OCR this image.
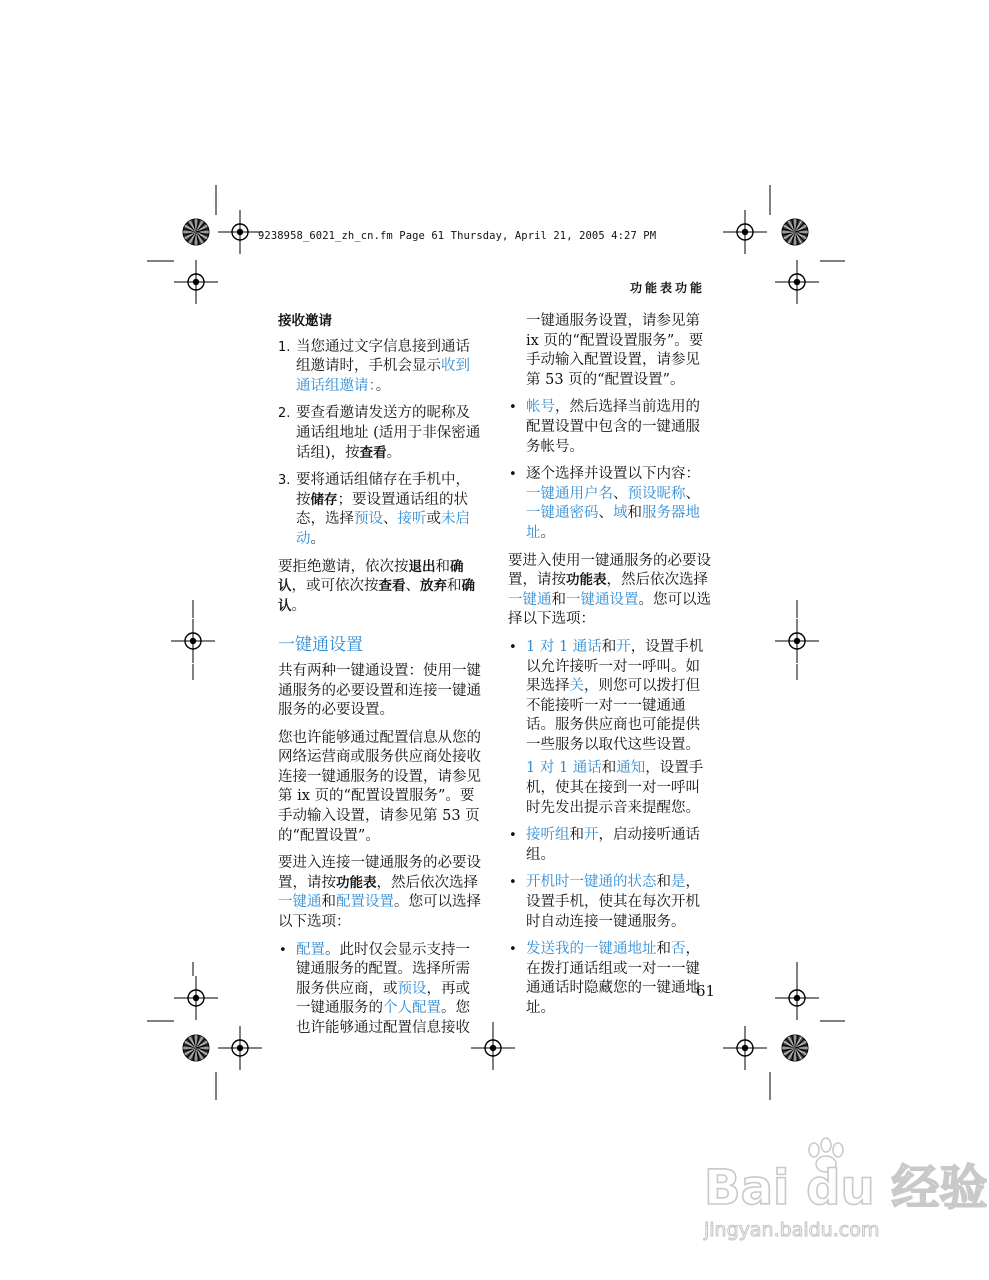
9238958_6021_zh_cn.fm Page 61 Thursday, April 21, 2005 4:27 PM
功能表功能

接收邀请

1. 当您通过文字信息接到通话组邀请时，手机会显示收到通话组邀请：。
2. 要查看邀请发送方的昵称及通话组地址 (适用于非保密通话组)，按查看。
3. 要将通话组储存在手机中，按储存；要设置通话组的状态，选择预设、接听或未启动。

要拒绝邀请，依次按退出和确认，或可依次按查看、放弃和确认。

一键通设置

共有两种一键通设置：使用一键通服务的必要设置和连接一键通服务的必要设置。

您也许能够通过配置信息从您的网络运营商或服务供应商处接收连接一键通服务的设置，请参见第 ix 页的“配置设置服务”。要手动输入设置，请参见第 53 页的“配置设置”。

要进入连接一键通服务的必要设置，请按功能表，然后依次选择一键通和配置设置。您可以选择以下选项：

• 配置。此时仅会显示支持一键通服务的配置。选择所需服务供应商，或预设，再或一键通服务的个人配置。您也许能够通过配置信息接收

一键通服务设置，请参见第 ix 页的“配置设置服务”。要手动输入配置设置，请参见第 53 页的“配置设置”。

• 帐号，然后选择当前选用的配置设置中包含的一键通服务帐号。
• 逐个选择并设置以下内容：一键通用户名、预设昵称、一键通密码、域和服务器地址。

要进入使用一键通服务的必要设置，请按功能表，然后依次选择一键通和一键通设置。您可以选择以下选项：

• 1 对 1 通话和开，设置手机以允许接听一对一呼叫。如果选择关，则您可以拨打但不能接听一对一一键通通话。服务供应商也可能提供一些服务以取代这些设置。

1 对 1 通话和通知，设置手机，使其在接到一对一呼叫时先发出提示音来提醒您。

• 接听组和开，启动接听通话组。
• 开机时一键通的状态和是，设置手机，使其在每次开机时自动连接一键通服务。
• 发送我的一键通地址和否，在拨打通话组或一对一一键通通话时隐藏您的一键通地址。
61
Bai du 经验
jingyan.baidu.com
